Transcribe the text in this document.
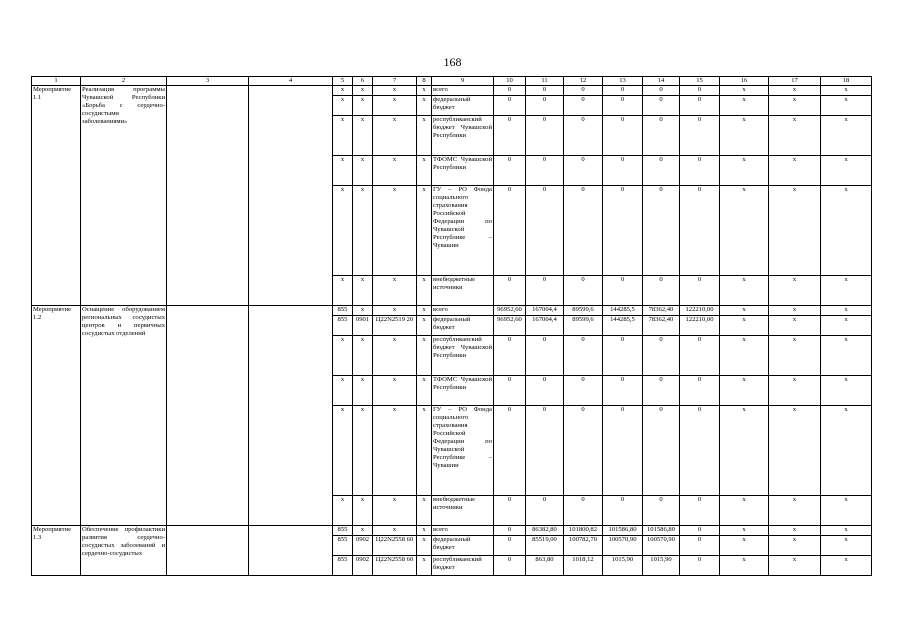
168
1	2	3	4	5	6	7	8	9	10	11	12	13	14	15	16	17	18
Мероприятие 1.1	Реализация программы Чувашской Республики «Борьба с сердечно-сосудистыми заболеваниями»			x	x	x	x	всего	0	0	0	0	0	0	x	x	x
				x	x	x	x	федеральный бюджет	0	0	0	0	0	0	x	x	x
				x	x	x	x	республиканский бюджет Чувашской Республики	0	0	0	0	0	0	x	x	x
				x	x	x	x	ТФОМС Чувашской Республики	0	0	0	0	0	0	x	x	x
				x	x	x	x	ГУ – РО Фонда социального страхования Российской Федерации по Чувашской Республике – Чувашии	0	0	0	0	0	0	x	x	x
				x	x	x	x	внебюджетные источники	0	0	0	0	0	0	x	x	x
Мероприятие 1.2	Оснащение оборудованием региональных сосудистых центров и первичных сосудистых отделений			855	x	x	x	всего	96952,60	167004,4	89599,6	144285,5	78362,40	122210,00	x	x	x
				855	0901	Ц22N2519 20	x	федеральный бюджет	96952,60	167004,4	89599,6	144285,5	78362,40	122210,00	x	x	x
				x	x	x	x	республиканский бюджет Чувашской Республики	0	0	0	0	0	0	x	x	x
				x	x	x	x	ТФОМС Чувашской Республики	0	0	0	0	0	0	x	x	x
				x	x	x	x	ГУ – РО Фонда социального страхования Российской Федерации по Чувашской Республике – Чувашии	0	0	0	0	0	0	x	x	x
				x	x	x	x	внебюджетные источники	0	0	0	0	0	0	x	x	x
Мероприятие 1.3	Обеспечение профилактики развития сердечно-сосудистых заболеваний и сердечно-сосудистых			855	x	x	x	всего	0	86382,80	101800,82	101586,80	101586,80	0	x	x	x
				855	0902	Ц22N2558 60	x	федеральный бюджет	0	85519,00	100782,70	100570,90	100570,90	0	x	x	x
				855	0902	Ц22N2558 60	x	республиканский бюджет	0	863,80	1018,12	1015,90	1015,90	0	x	x	x
